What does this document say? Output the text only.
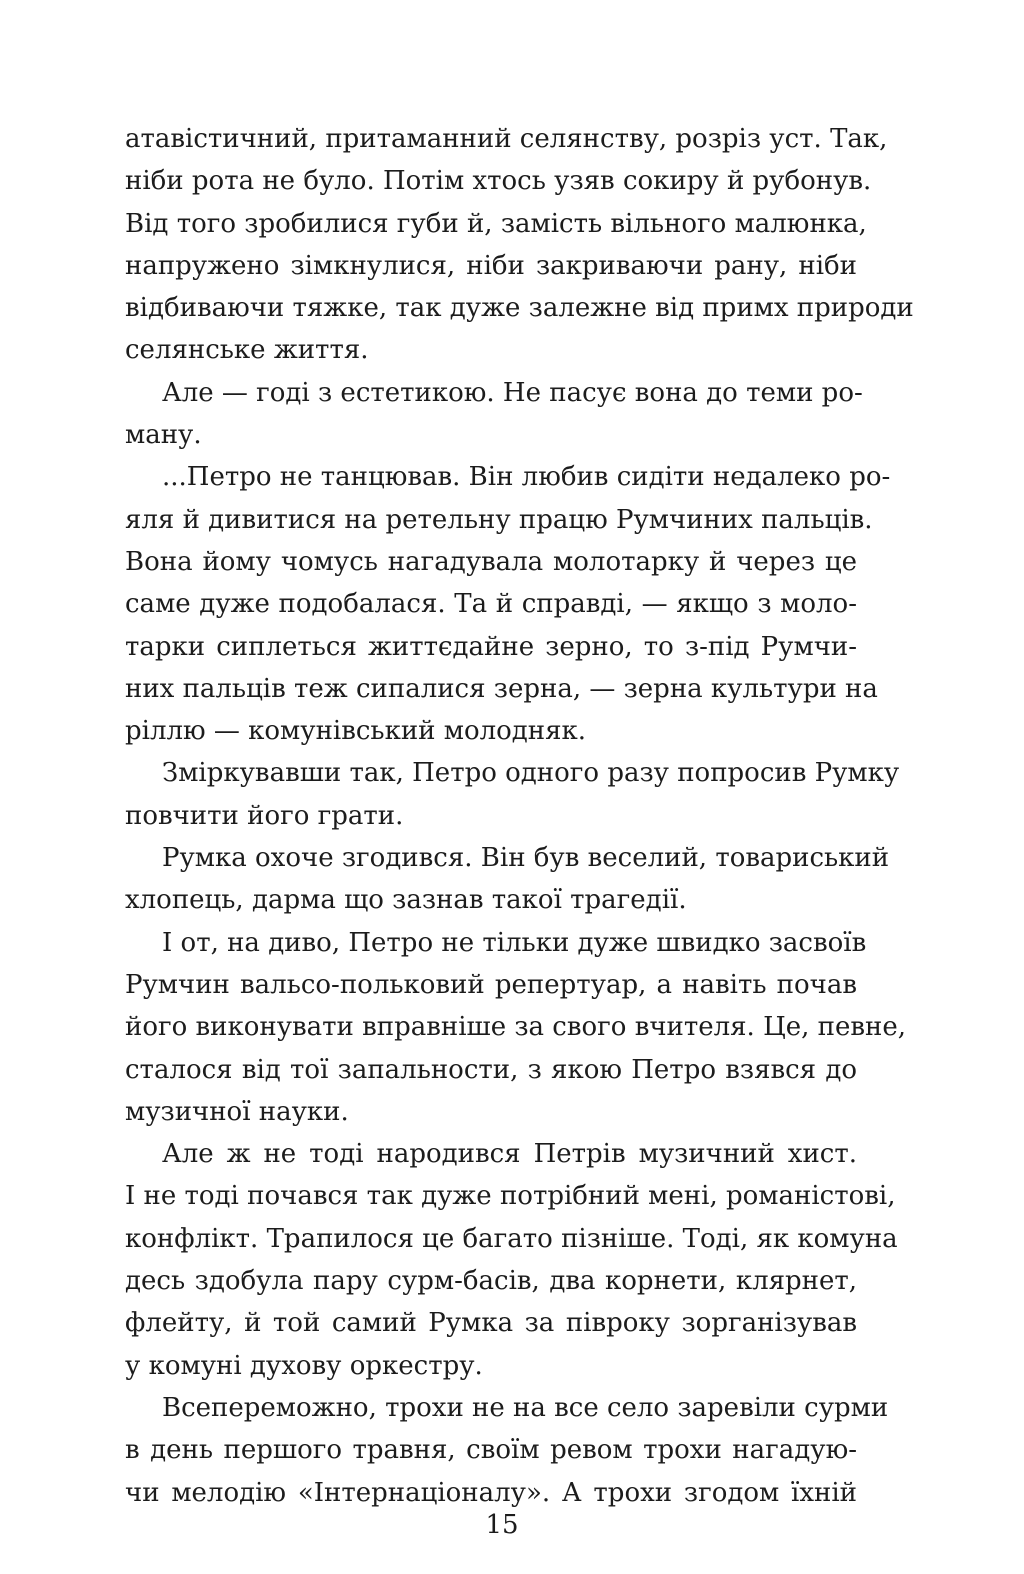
атавістичний, притаманний селянству, розріз уст. Так,
ніби рота не було. Потім хтось узяв сокиру й рубонув.
Від того зробилися губи й, замість вільного малюнка,
напружено зімкнулися, ніби закриваючи рану, ніби
відбиваючи тяжке, так дуже залежне від примх природи
селянське життя.
Але — годі з естетикою. Не пасує вона до теми ро-
ману.
...Петро не танцював. Він любив сидіти недалеко ро-
яля й дивитися на ретельну працю Румчиних пальців.
Вона йому чомусь нагадувала молотарку й через це
саме дуже подобалася. Та й справді, — якщо з моло-
тарки сиплеться життєдайне зерно, то з-під Румчи-
них пальців теж сипалися зерна, — зерна культури на
ріллю — комунівський молодняк.
Зміркувавши так, Петро одного разу попросив Румку
повчити його грати.
Румка охоче згодився. Він був веселий, товариський
хлопець, дарма що зазнав такої трагедії.
І от, на диво, Петро не тільки дуже швидко засвоїв
Румчин вальсо-польковий репертуар, а навіть почав
його виконувати вправніше за свого вчителя. Це, певне,
сталося від тої запальности, з якою Петро взявся до
музичної науки.
Але ж не тоді народився Петрів музичний хист.
І не тоді почався так дуже потрібний мені, романістові,
конфлікт. Трапилося це багато пізніше. Тоді, як комуна
десь здобула пару сурм-басів, два корнети, клярнет,
флейту, й той самий Румка за півроку зорганізував
у комуні духову оркестру.
Всепереможно, трохи не на все село заревіли сурми
в день першого травня, своїм ревом трохи нагадую-
чи мелодію «Інтернаціоналу». А трохи згодом їхній
15
